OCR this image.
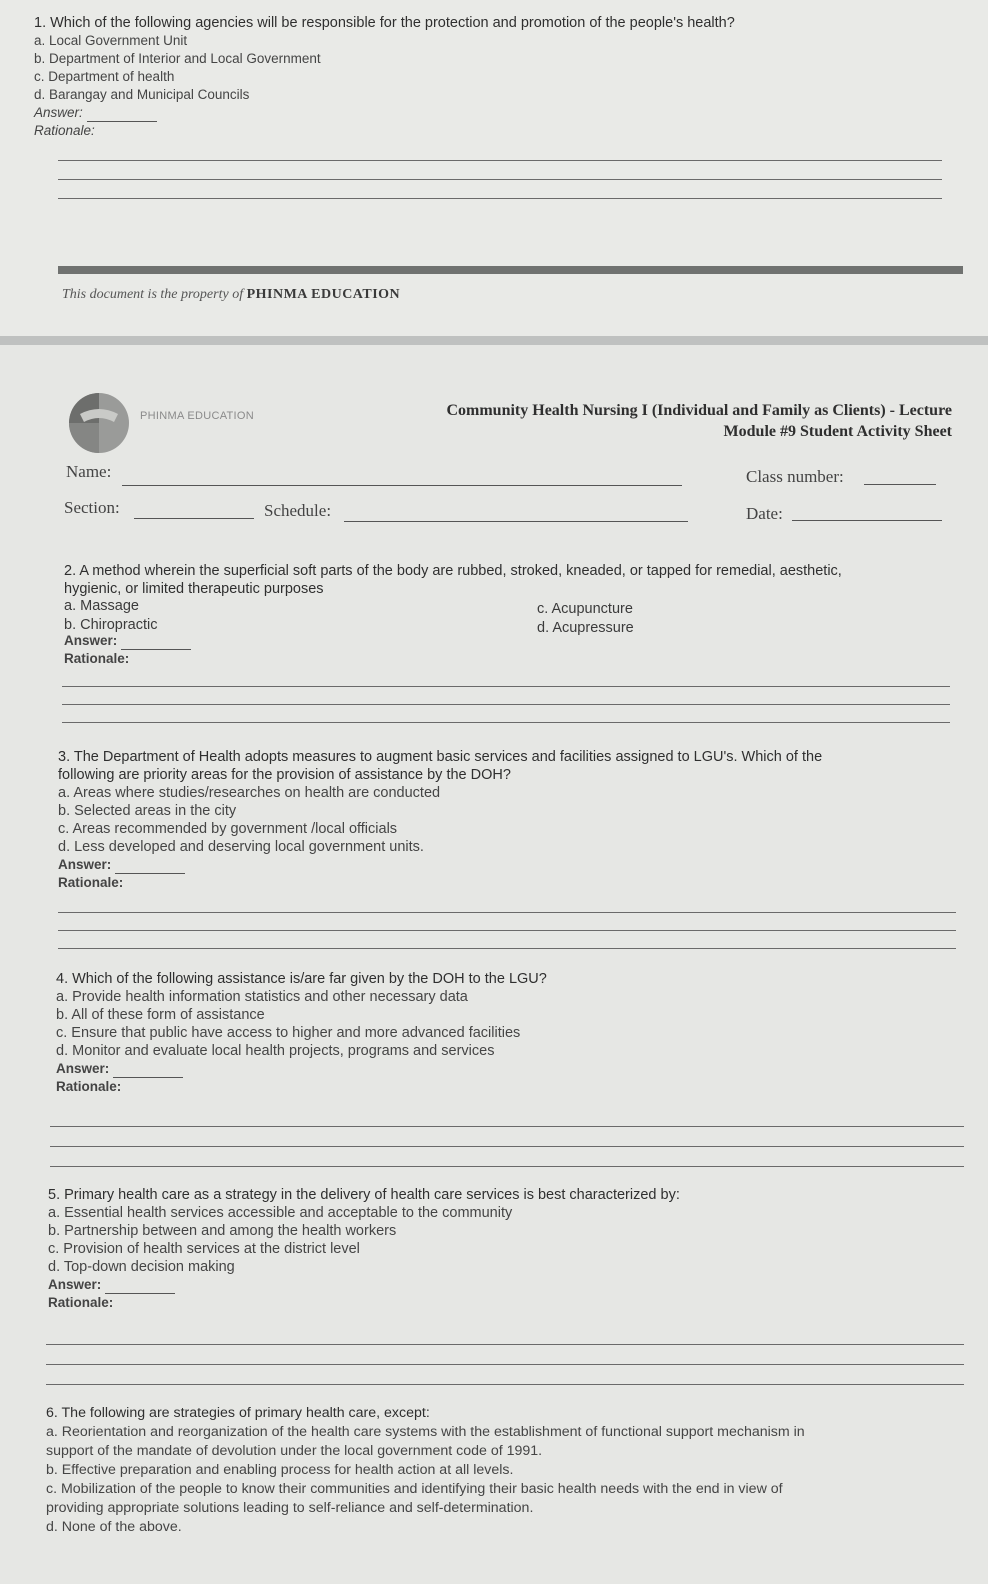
1. Which of the following agencies will be responsible for the protection and promotion of the people's health?

a. Local Government Unit

b. Department of Interior and Local Government

c. Department of health

d. Barangay and Municipal Councils

Answer:

Rationale:

This document is the property of PHINMA EDUCATION
PHINMA EDUCATION	Community Health Nursing I (Individual and Family as Clients) - Lecture
Module #9 Student Activity Sheet
Name:	Class number:
Section:	Schedule:	Date:

2. A method wherein the superficial soft parts of the body are rubbed, stroked, kneaded, or tapped for remedial, aesthetic,

hygienic, or limited therapeutic purposes

a. Massage
b. Chiropractic
c. Acupuncture
d. Acupressure
Answer:
Rationale:

3. The Department of Health adopts measures to augment basic services and facilities assigned to LGU's. Which of the

following are priority areas for the provision of assistance by the DOH?

a. Areas where studies/researches on health are conducted

b. Selected areas in the city

c. Areas recommended by government /local officials

d. Less developed and deserving local government units.

Answer:

Rationale:

4. Which of the following assistance is/are far given by the DOH to the LGU?

a. Provide health information statistics and other necessary data

b. All of these form of assistance

c. Ensure that public have access to higher and more advanced facilities

d. Monitor and evaluate local health projects, programs and services

Answer:

Rationale:

5. Primary health care as a strategy in the delivery of health care services is best characterized by:

a. Essential health services accessible and acceptable to the community

b. Partnership between and among the health workers

c. Provision of health services at the district level

d. Top-down decision making

Answer:

Rationale:

6. The following are strategies of primary health care, except:

a. Reorientation and reorganization of the health care systems with the establishment of functional support mechanism in

support of the mandate of devolution under the local government code of 1991.

b. Effective preparation and enabling process for health action at all levels.

c. Mobilization of the people to know their communities and identifying their basic health needs with the end in view of

providing appropriate solutions leading to self-reliance and self-determination.

d. None of the above.
